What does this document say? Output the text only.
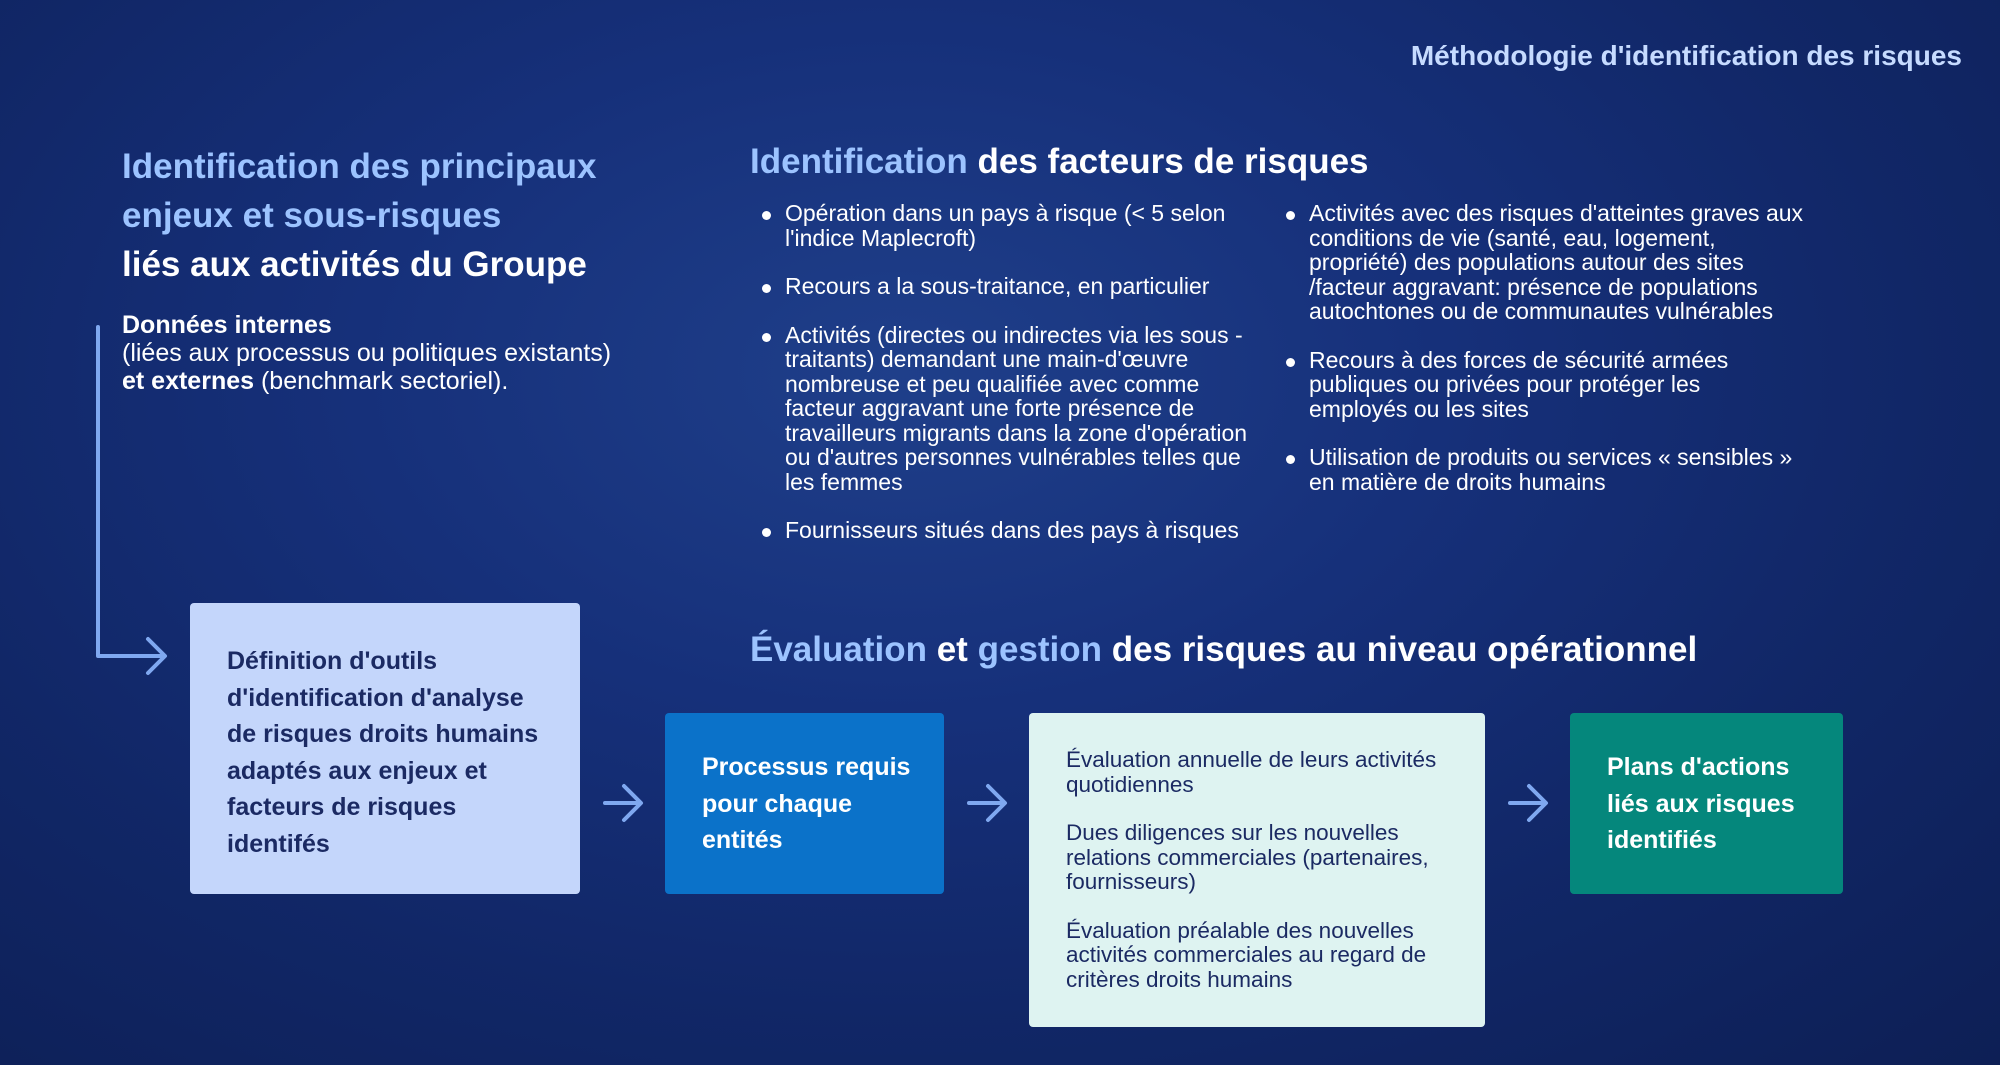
Méthodologie d'identification des risques
Identification des principaux
enjeux et sous-risques
liés aux activités du Groupe
Données internes
(liées aux processus ou politiques existants)
et externes (benchmark sectoriel).
Identification des facteurs de risques
Opération dans un pays à risque (< 5 selon l'indice Maplecroft)
Recours a la sous-traitance, en particulier
Activités (directes ou indirectes via les sous -traitants) demandant une main-d'œuvre nombreuse et peu qualifiée avec comme facteur aggravant une forte présence de travailleurs migrants dans la zone d'opération ou d'autres personnes vulnérables telles que les femmes
Fournisseurs situés dans des pays à risques
Activités avec des risques d'atteintes graves aux conditions de vie (santé, eau, logement, propriété) des populations autour des sites /facteur aggravant: présence de populations autochtones ou de communautes vulnérables
Recours à des forces de sécurité armées publiques ou privées pour protéger les employés ou les sites
Utilisation de produits ou services « sensibles » en matière de droits humains
Évaluation et gestion des risques au niveau opérationnel
Définition d'outils d'identification d'analyse de risques droits humains adaptés aux enjeux et facteurs de risques identifés
Processus requis pour chaque entités

Évaluation annuelle de leurs activités quotidiennes

Dues diligences sur les nouvelles relations commerciales (partenaires, fournisseurs)

Évaluation préalable des nouvelles activités commerciales au regard de critères droits humains

Plans d'actions liés aux risques identifiés
